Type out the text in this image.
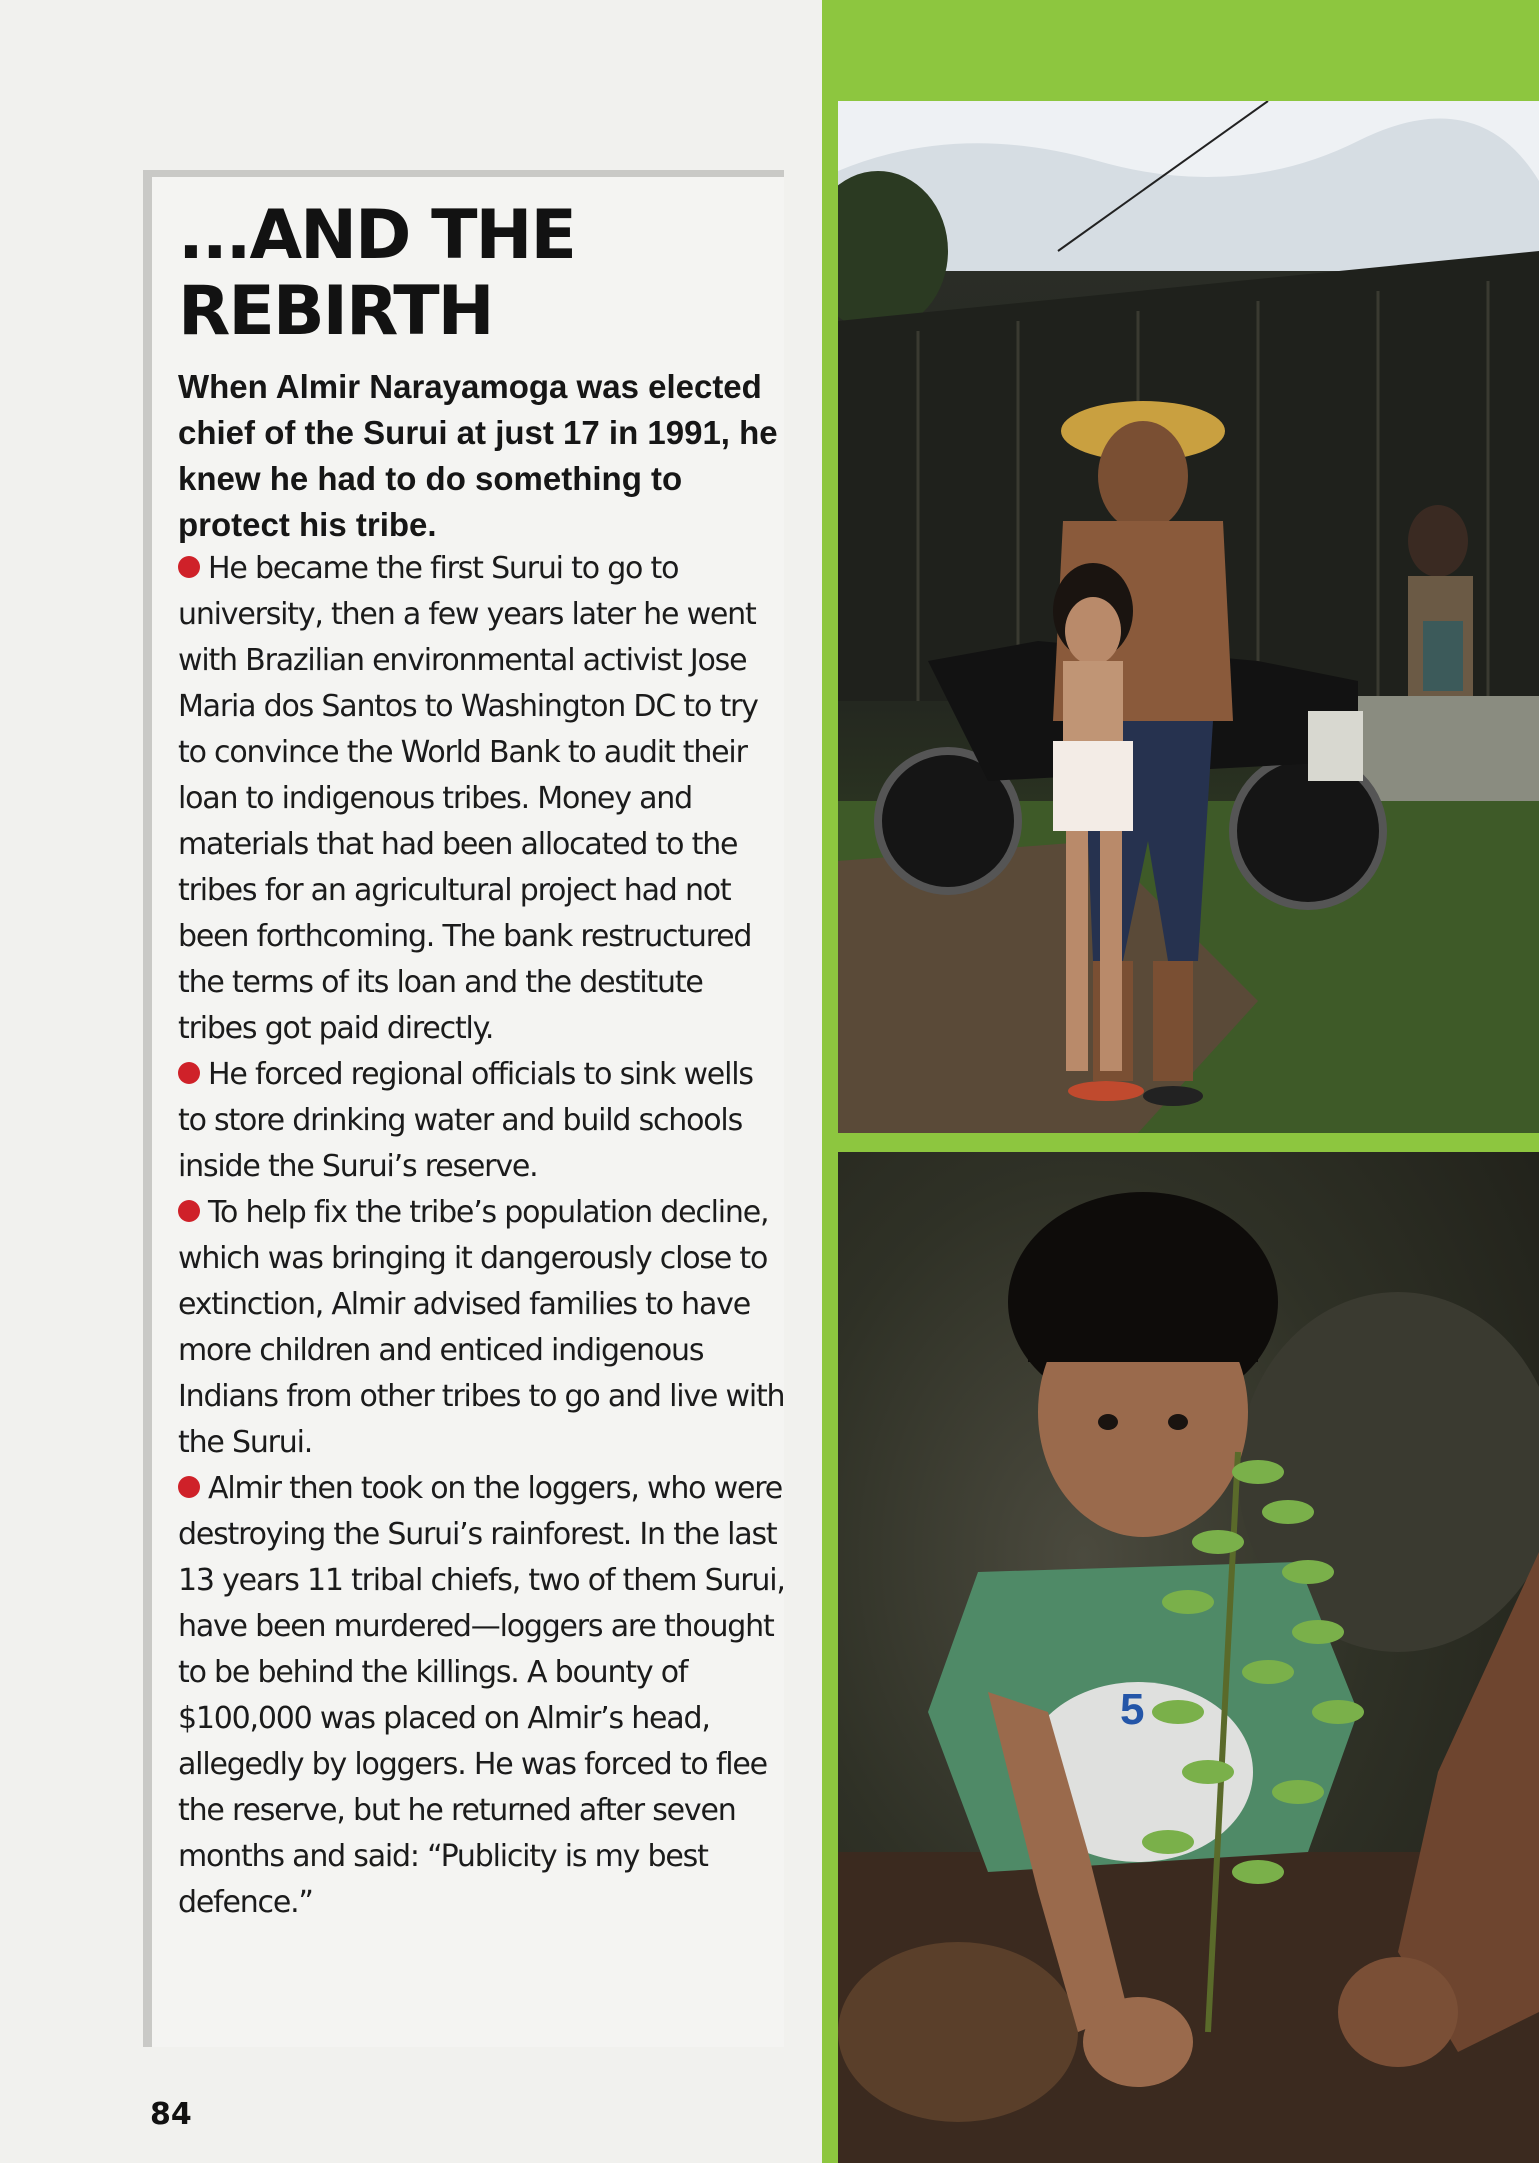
...AND THE
REBIRTH

When Almir Narayamoga was elected chief of the Surui at just 17 in 1991, he knew he had to do something to protect his tribe.

He became the first Surui to go to university, then a few years later he went with Brazilian environmental activist Jose Maria dos Santos to Washington DC to try to convince the World Bank to audit their loan to indigenous tribes. Money and materials that had been allocated to the tribes for an agricultural project had not been forthcoming. The bank restructured the terms of its loan and the destitute tribes got paid directly.
He forced regional officials to sink wells to store drinking water and build schools inside the Surui’s reserve.
To help fix the tribe’s population decline, which was bringing it dangerously close to extinction, Almir advised families to have more children and enticed indigenous Indians from other tribes to go and live with the Surui.
Almir then took on the loggers, who were destroying the Surui’s rainforest. In the last 13 years 11 tribal chiefs, two of them Surui, have been murdered—loggers are thought to be behind the killings. A bounty of $100,000 was placed on Almir’s head, allegedly by loggers. He was forced to flee the reserve, but he returned after seven months and said: “Publicity is my best defence.”

84

5
